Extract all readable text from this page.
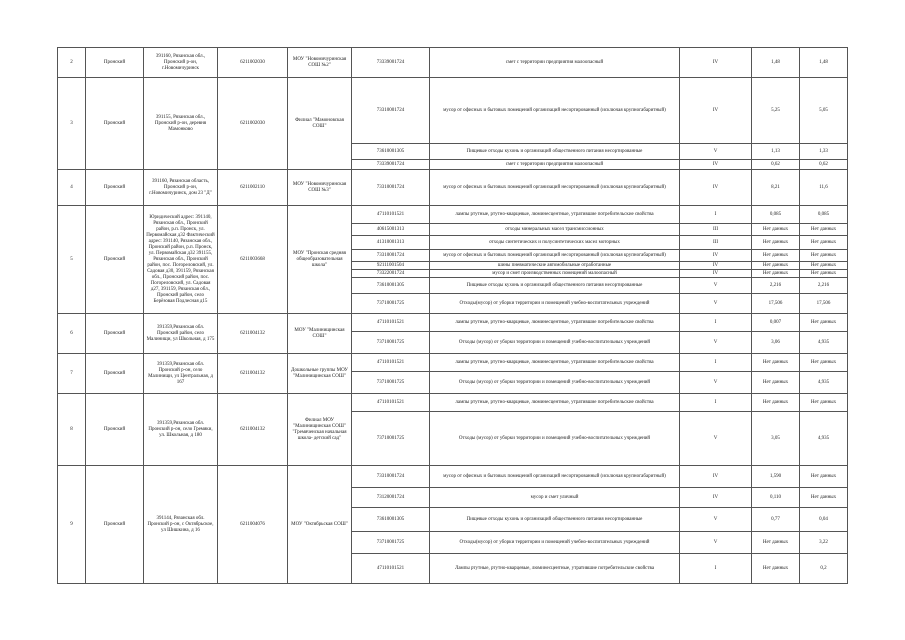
2	Пронский	391160, Рязанская обл., Пронский р-он, г.Новомичуринск	6211002030	МОУ "Новомичуринская СОШ №2"	73339001724	смет с территории предприятия малоопасный	IV	1,48	1,48
3	Пронский	391155, Рязанская обл., Пронский р-он, деревня Мамонково	6211002030	Филиал "Мамоновская СОШ"	73310001724	мусор от офисных и бытовых помещений организаций несортированный (исключая крупногабаритный)	IV	5,25	5,05
					73610001305	Пищевые отходы кухонь и организаций общественного питания несортированные	V	1,13	1,33
					73339001724	смет с территории предприятия малоопасный	IV	0,62	0,62
4	Пронский	391160, Рязанская область, Пронский р-он, г.Новомичуринск, дом 23 "Д"	6211002110	МОУ "Новомичуринская СОШ №3"	73310001724	мусор от офисных и бытовых помещений организаций несортированный (исключая крупногабаритный)	IV	8,21	11,6
5	Пронский	Юридический адрес: 391140, Рязанская обл., Пронский район, р.п. Пронск, ул. Первомайская д32 Фактический адрес: 391140, Рязанская обл., Пронский район, р.п. Пронск, ул. Первомайская д32 391155, Рязанская обл., Пронский район, пос. Погореловский, ул. Садовая д30, 391159, Рязанская обл., Пронский район, пос. Погореловский, ул. Садовая д27, 391159, Рязанская обл., Пронский район, село Берёзовая Подлесная д15	6211003668	МОУ "Пронская средняя общеобразовательная школа"	47110101521	лампы ртутные, ртутно-кварцевые, люминесцентные, утратившие потребительские свойства	I	0,085	0,085
					40615001313	отходы минеральных масел трансмиссионных	III	Нет данных	Нет данных
					41310001313	отходы синтетических и полусинтетических масел моторных	III	Нет данных	Нет данных
					73310001724	мусор от офисных и бытовых помещений организаций несортированный (исключая крупногабаритный)	IV	Нет данных	Нет данных
					92111001504	шины пневматические автомобильные отработанные	IV	Нет данных	Нет данных
					73322001724	мусор и смет производственных помещений малоопасный	IV	Нет данных	Нет данных
					73610001305	Пищевые отходы кухонь и организаций общественного питания несортированные	V	2,216	2,216
					73710001725	Отходы(мусор) от уборки территории и помещений учебно-воспитательных учреждений	V	17,506	17,506
6	Пронский	391359,Рязанская обл. Пронский район, село Малинищи, ул Школьная, д 175	6211004132	МОУ "Малинищинская СОШ"	47110101521	лампы ртутные, ртутно-кварцевые, люминесцентные, утратившие потребительские свойства	I	0,007	Нет данных
					73710001725	Отходы (мусор) от уборки территории и помещений учебно-воспитательных учреждений	V	3,06	4,935
7	Пронский	391359,Рязанская обл. Пронский р-он, село Малинищи, ул Центральная, д 167	6211004132	Дошкольные группы МОУ "Малинищинская СОШ"	47110101521	лампы ртутные, ртутно-кварцевые, люминесцентные, утратившие потребительские свойства	I	Нет данных	Нет данных
					73710001725	Отходы (мусор) от уборки территории и помещений учебно-воспитательных учреждений	V	Нет данных	4,935
8	Пронский	391359,Рязанская обл. Пронский р-он, село Гремяки, ул. Школьная, д 180	6211004132	Филиал МОУ "Малинищинская СОШ" "Гремяченская начальная школа- детский сад"	47110101521	лампы ртутные, ртутно-кварцевые, люминесцентные, утратившие потребительские свойства	I	Нет данных	Нет данных
					73710001725	Отходы (мусор) от уборки территории и помещений учебно-воспитательных учреждений	V	3,05	4,935
9	Пронский	391144, Рязанская обл. Пронский р-он, с Октябрьское, ул Шишкина, д 16	6211004076	МОУ "Октябрьская СОШ"	73310001724	мусор от офисных и бытовых помещений организаций несортированный (исключая крупногабаритный)	IV	1,590	Нет данных
					73120001724	мусор и смет уличный	IV	0,110	Нет данных
					73610001305	Пищевые отходы кухонь и организаций общественного питания несортированные	V	0,77	0,04
					73710001725	Отходы(мусор) от уборки территории и помещений учебно-воспитательных учреждений	V	Нет данных	3,22
					47110101521	Лампы ртутные, ртутно-кварцевые, люминесцентные, утратившие потребительские свойства	I	Нет данных	0,2
